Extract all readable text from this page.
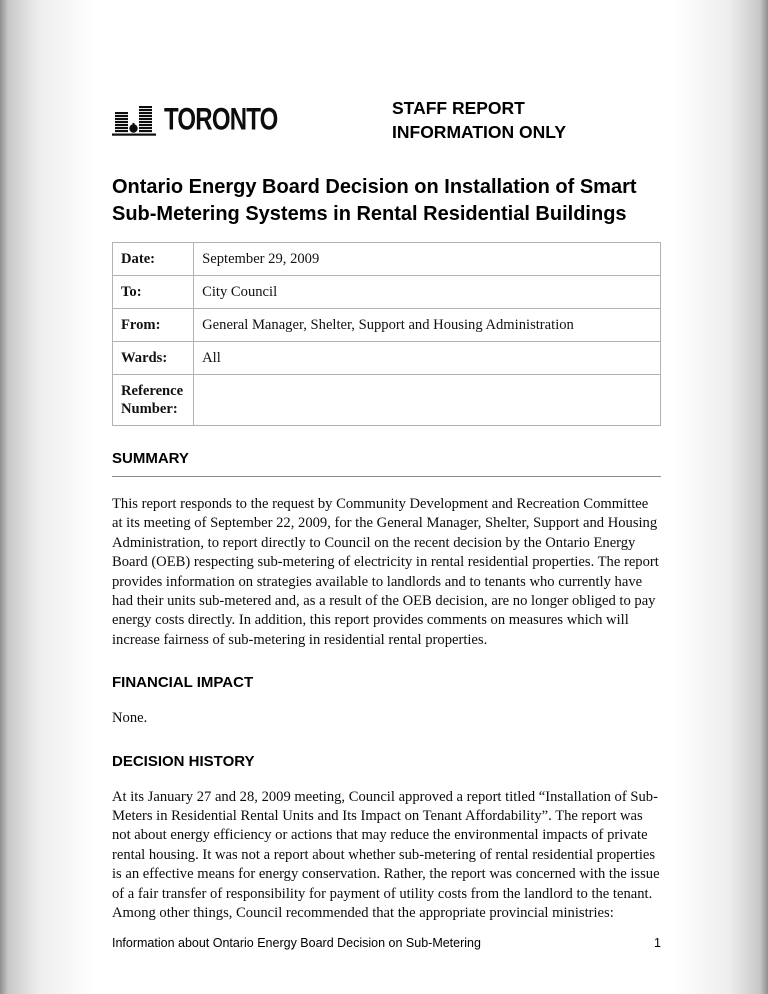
TORONTO	STAFF REPORT
INFORMATION ONLY
Ontario Energy Board Decision on Installation of Smart Sub-Metering Systems in Rental Residential Buildings
Date:	September 29, 2009
To:	City Council
From:	General Manager, Shelter, Support and Housing Administration
Wards:	All
Reference Number:	
SUMMARY

This report responds to the request by Community Development and Recreation Committee at its meeting of September 22, 2009, for the General Manager, Shelter, Support and Housing Administration, to report directly to Council on the recent decision by the Ontario Energy Board (OEB) respecting sub-metering of electricity in rental residential properties. The report provides information on strategies available to landlords and to tenants who currently have had their units sub-metered and, as a result of the OEB decision, are no longer obliged to pay energy costs directly. In addition, this report provides comments on measures which will increase fairness of sub-metering in residential rental properties.

FINANCIAL IMPACT

None.

DECISION HISTORY

At its January 27 and 28, 2009 meeting, Council approved a report titled “Installation of Sub-Meters in Residential Rental Units and Its Impact on Tenant Affordability”. The report was not about energy efficiency or actions that may reduce the environmental impacts of private rental housing. It was not a report about whether sub-metering of rental residential properties is an effective means for energy conservation. Rather, the report was concerned with the issue of a fair transfer of responsibility for payment of utility costs from the landlord to the tenant. Among other things, Council recommended that the appropriate provincial ministries:

Information about Ontario Energy Board Decision on Sub-Metering	1
